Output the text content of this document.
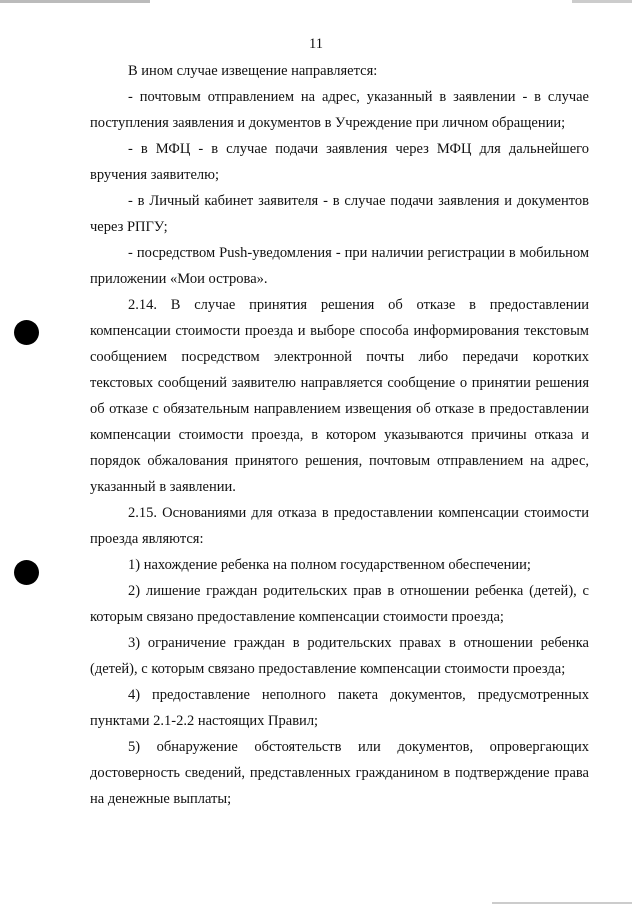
11

В ином случае извещение направляется:

- почтовым отправлением на адрес, указанный в заявлении - в случае поступления заявления и документов в Учреждение при личном обращении;

- в МФЦ - в случае подачи заявления через МФЦ для дальнейшего вручения заявителю;

- в Личный кабинет заявителя - в случае подачи заявления и документов через РПГУ;

- посредством Push-уведомления - при наличии регистрации в мобильном приложении «Мои острова».

2.14. В случае принятия решения об отказе в предоставлении компенсации стоимости проезда и выборе способа информирования текстовым сообщением посредством электронной почты либо передачи коротких текстовых сообщений заявителю направляется сообщение о принятии решения об отказе с обязательным направлением извещения об отказе в предоставлении компенсации стоимости проезда, в котором указываются причины отказа и порядок обжалования принятого решения, почтовым отправлением на адрес, указанный в заявлении.

2.15. Основаниями для отказа в предоставлении компенсации стоимости проезда являются:

1) нахождение ребенка на полном государственном обеспечении;

2) лишение граждан родительских прав в отношении ребенка (детей), с которым связано предоставление компенсации стоимости проезда;

3) ограничение граждан в родительских правах в отношении ребенка (детей), с которым связано предоставление компенсации стоимости проезда;

4) предоставление неполного пакета документов, предусмотренных пунктами 2.1-2.2 настоящих Правил;

5) обнаружение обстоятельств или документов, опровергающих достоверность сведений, представленных гражданином в подтверждение права на денежные выплаты;
